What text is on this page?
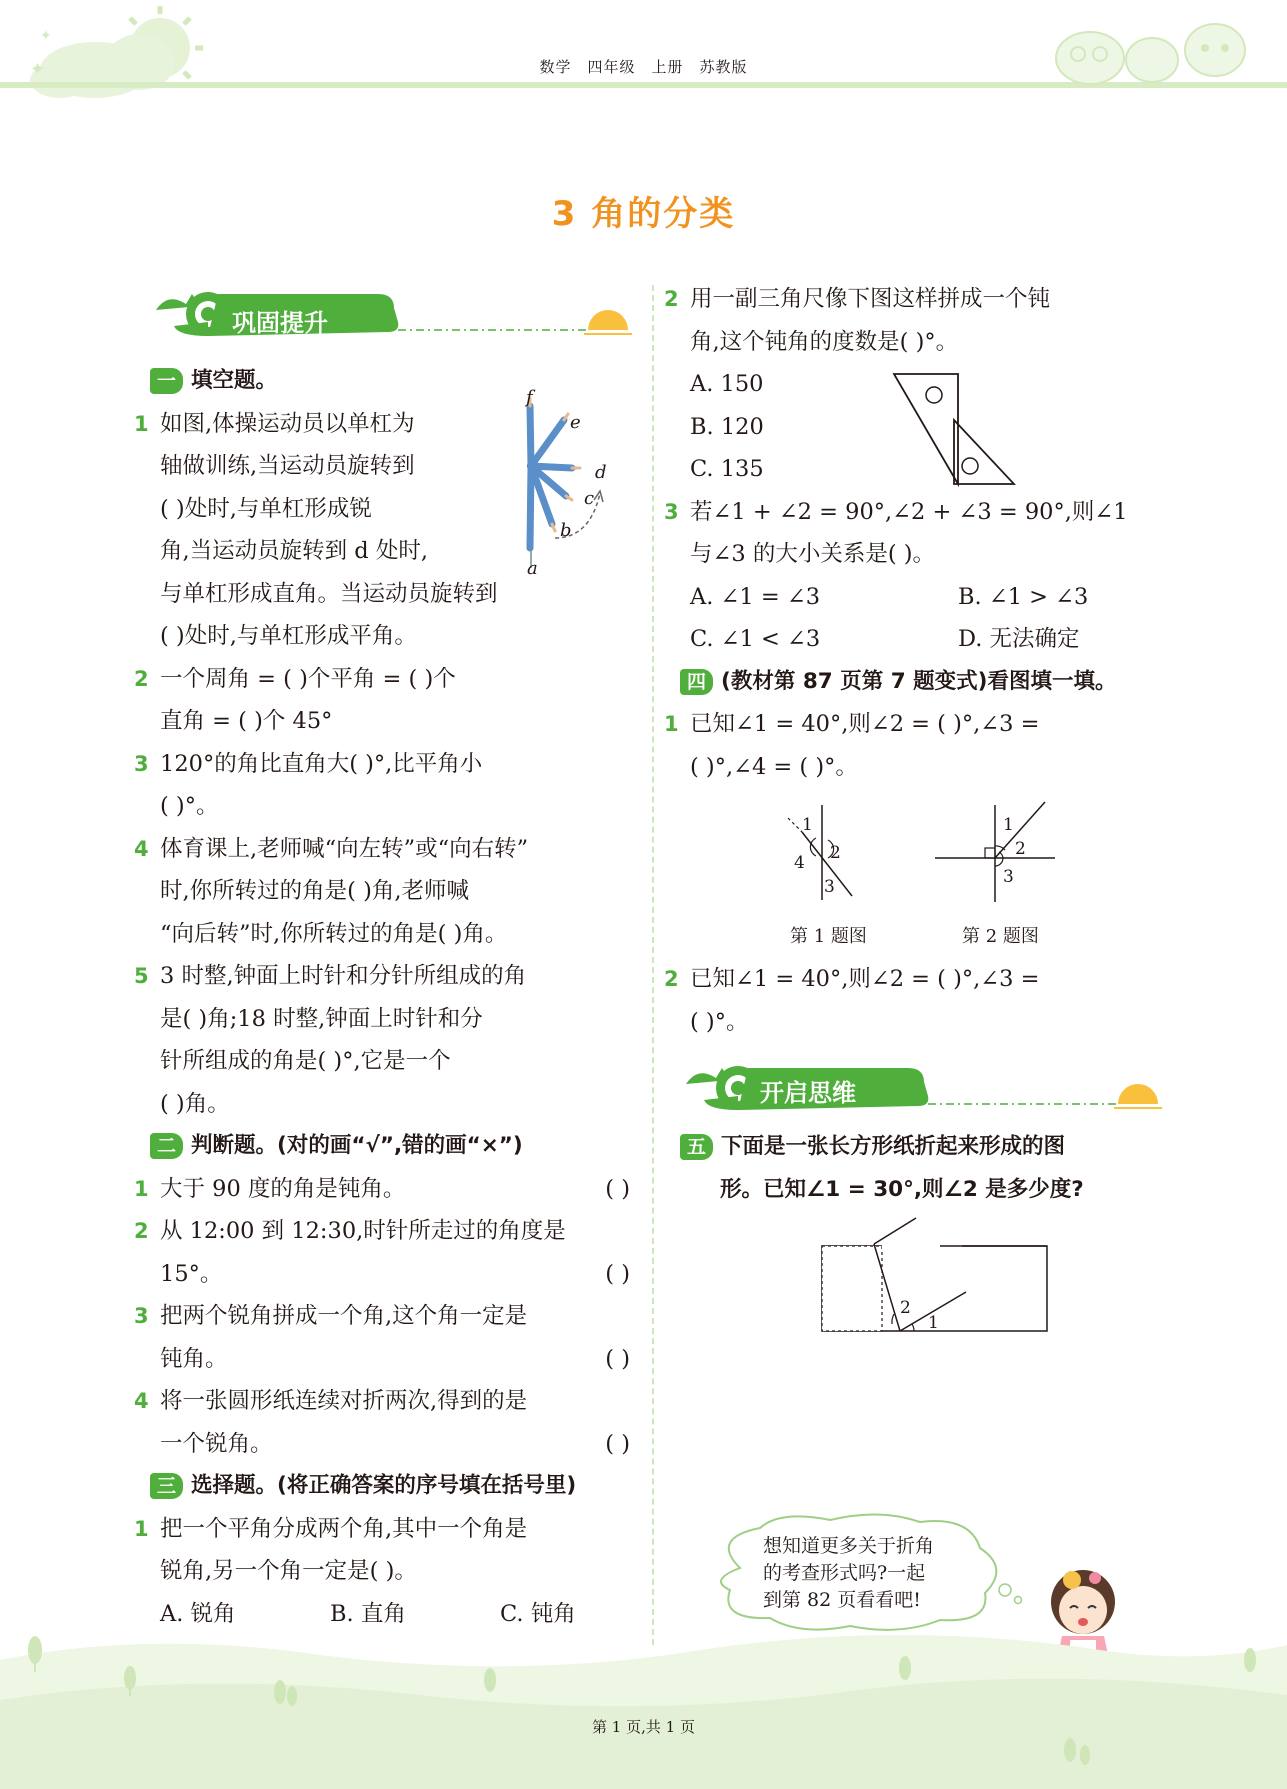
✦
✦
数学 四年级 上册 苏教版
3 角的分类
巩固提升
开启思维
一 填空题。
1 如图,体操运动员以单杠为
轴做训练,当运动员旋转到
( )处时,与单杠形成锐
角,当运动员旋转到 d 处时,
与单杠形成直角。当运动员旋转到
( )处时,与单杠形成平角。
2 一个周角 = ( )个平角 = ( )个
直角 = ( )个 45°
3 120°的角比直角大( )°,比平角小
( )°。
4 体育课上,老师喊“向左转”或“向右转”
时,你所转过的角是( )角,老师喊
“向后转”时,你所转过的角是( )角。
5 3 时整,钟面上时针和分针所组成的角
是( )角;18 时整,钟面上时针和分
针所组成的角是( )°,它是一个
( )角。
二 判断题。(对的画“√”,错的画“×”)
1 大于 90 度的角是钝角。	( )
2 从 12:00 到 12:30,时针所走过的角度是
15°。	( )
3 把两个锐角拼成一个角,这个角一定是
钝角。	( )
4 将一张圆形纸连续对折两次,得到的是
一个锐角。	( )
三 选择题。(将正确答案的序号填在括号里)
1 把一个平角分成两个角,其中一个角是
锐角,另一个角一定是( )。
A. 锐角	B. 直角	C. 钝角
a
b
c
d
e
f
2 用一副三角尺像下图这样拼成一个钝
角,这个钝角的度数是( )°。
A. 150
B. 120
C. 135
3 若∠1 + ∠2 = 90°,∠2 + ∠3 = 90°,则∠1
与∠3 的大小关系是( )。
A. ∠1 = ∠3	B. ∠1 > ∠3
C. ∠1 < ∠3	D. 无法确定
四 (教材第 87 页第 7 题变式)看图填一填。
1 已知∠1 = 40°,则∠2 = ( )°,∠3 =
( )°,∠4 = ( )°。
2 已知∠1 = 40°,则∠2 = ( )°,∠3 =
( )°。
1
2
3
4
第 1 题图
1
2
3
第 2 题图
五 下面是一张长方形纸折起来形成的图
形。已知∠1 = 30°,则∠2 是多少度?
2
1
想知道更多关于折角
的考查形式吗?一起
到第 82 页看看吧!
第 1 页,共 1 页
